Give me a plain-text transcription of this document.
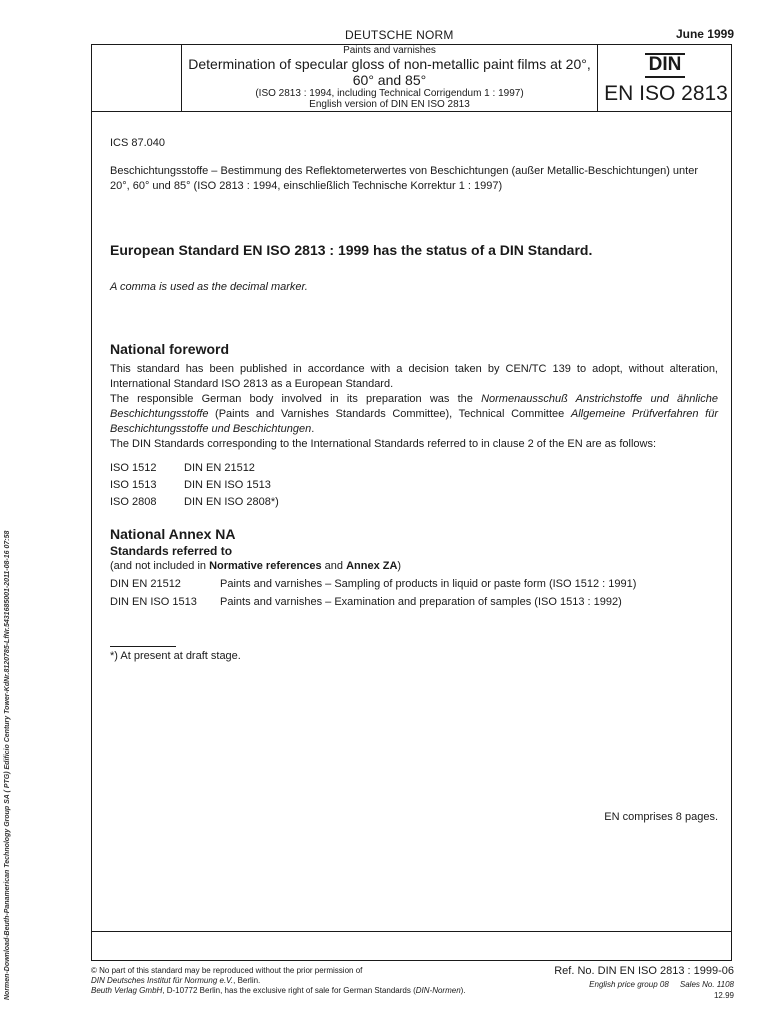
Normen-Download-Beuth-Panamerican Technology Group SA ( PTG) Edificio Century Tower-KdNr.8120785-LfNr.5431685001-2011-08-16 07:58
DEUTSCHE NORM	June 1999
Paints and varnishes
Determination of specular gloss of non-metallic paint films at 20°, 60° and 85°
(ISO 2813 : 1994, including Technical Corrigendum 1 : 1997)
English version of DIN EN ISO 2813
DIN
EN ISO 2813
ICS 87.040
Beschichtungsstoffe – Bestimmung des Reflektometerwertes von Beschichtungen (außer Metallic-Beschichtungen) unter 20°, 60° und 85° (ISO 2813 : 1994, einschließlich Technische Korrektur 1 : 1997)
European Standard EN ISO 2813 : 1999 has the status of a DIN Standard.
A comma is used as the decimal marker.
National foreword

This standard has been published in accordance with a decision taken by CEN/TC 139 to adopt, without alteration, International Standard ISO 2813 as a European Standard.

The responsible German body involved in its preparation was the Normenausschuß Anstrichstoffe und ähnliche Beschichtungsstoffe (Paints and Varnishes Standards Committee), Technical Committee Allgemeine Prüfverfahren für Beschichtungsstoffe und Beschichtungen.

The DIN Standards corresponding to the International Standards referred to in clause 2 of the EN are as follows:

ISO 1512	DIN EN 21512
ISO 1513	DIN EN ISO 1513
ISO 2808	DIN EN ISO 2808*)
National Annex NA
Standards referred to
(and not included in Normative references and Annex ZA)
DIN EN 21512	Paints and varnishes – Sampling of products in liquid or paste form (ISO 1512 : 1991)
DIN EN ISO 1513	Paints and varnishes – Examination and preparation of samples (ISO 1513 : 1992)
*) At present at draft stage.
EN comprises 8 pages.
© No part of this standard may be reproduced without the prior permission of
DIN Deutsches Institut für Normung e.V., Berlin.
Beuth Verlag GmbH, D-10772 Berlin, has the exclusive right of sale for German Standards (DIN-Normen).
Ref. No. DIN EN ISO 2813 : 1999-06
English price group 08     Sales No. 1108
12.99
